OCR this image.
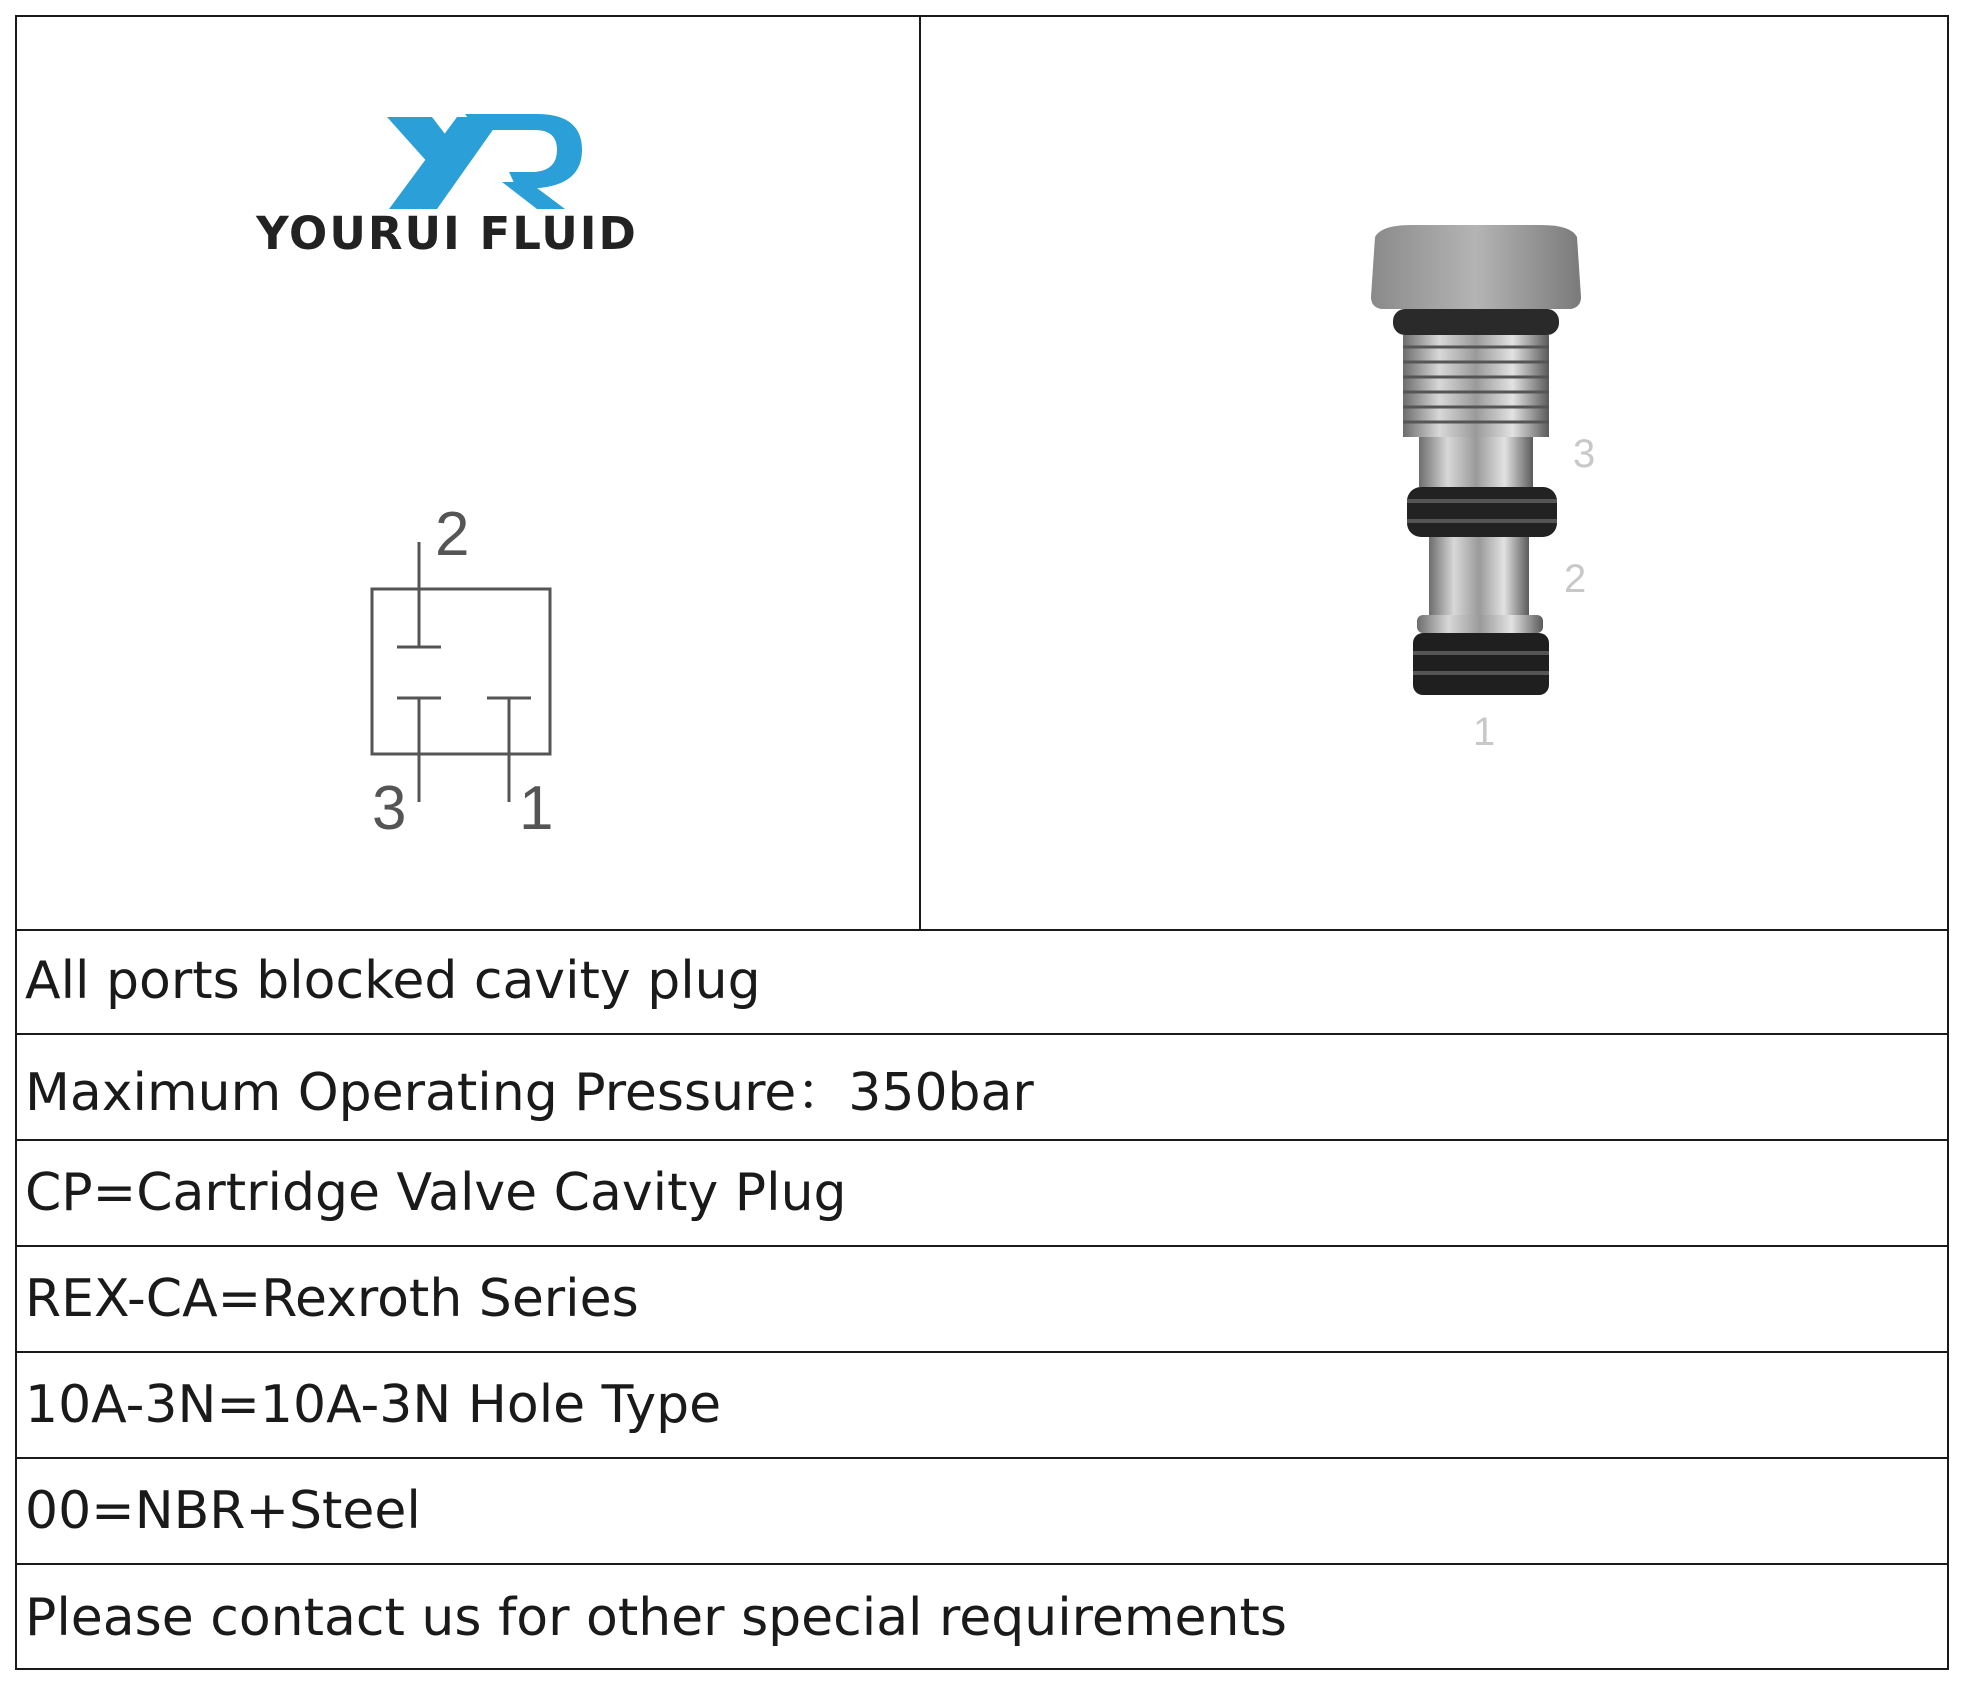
YOURUI FLUID
2
3 1
3
2
1
All ports blocked cavity plug
Maximum Operating Pressure：350bar
CP=Cartridge Valve Cavity Plug
REX-CA=Rexroth Series
10A-3N=10A-3N Hole Type
00=NBR+Steel
Please contact us for other special requirements
